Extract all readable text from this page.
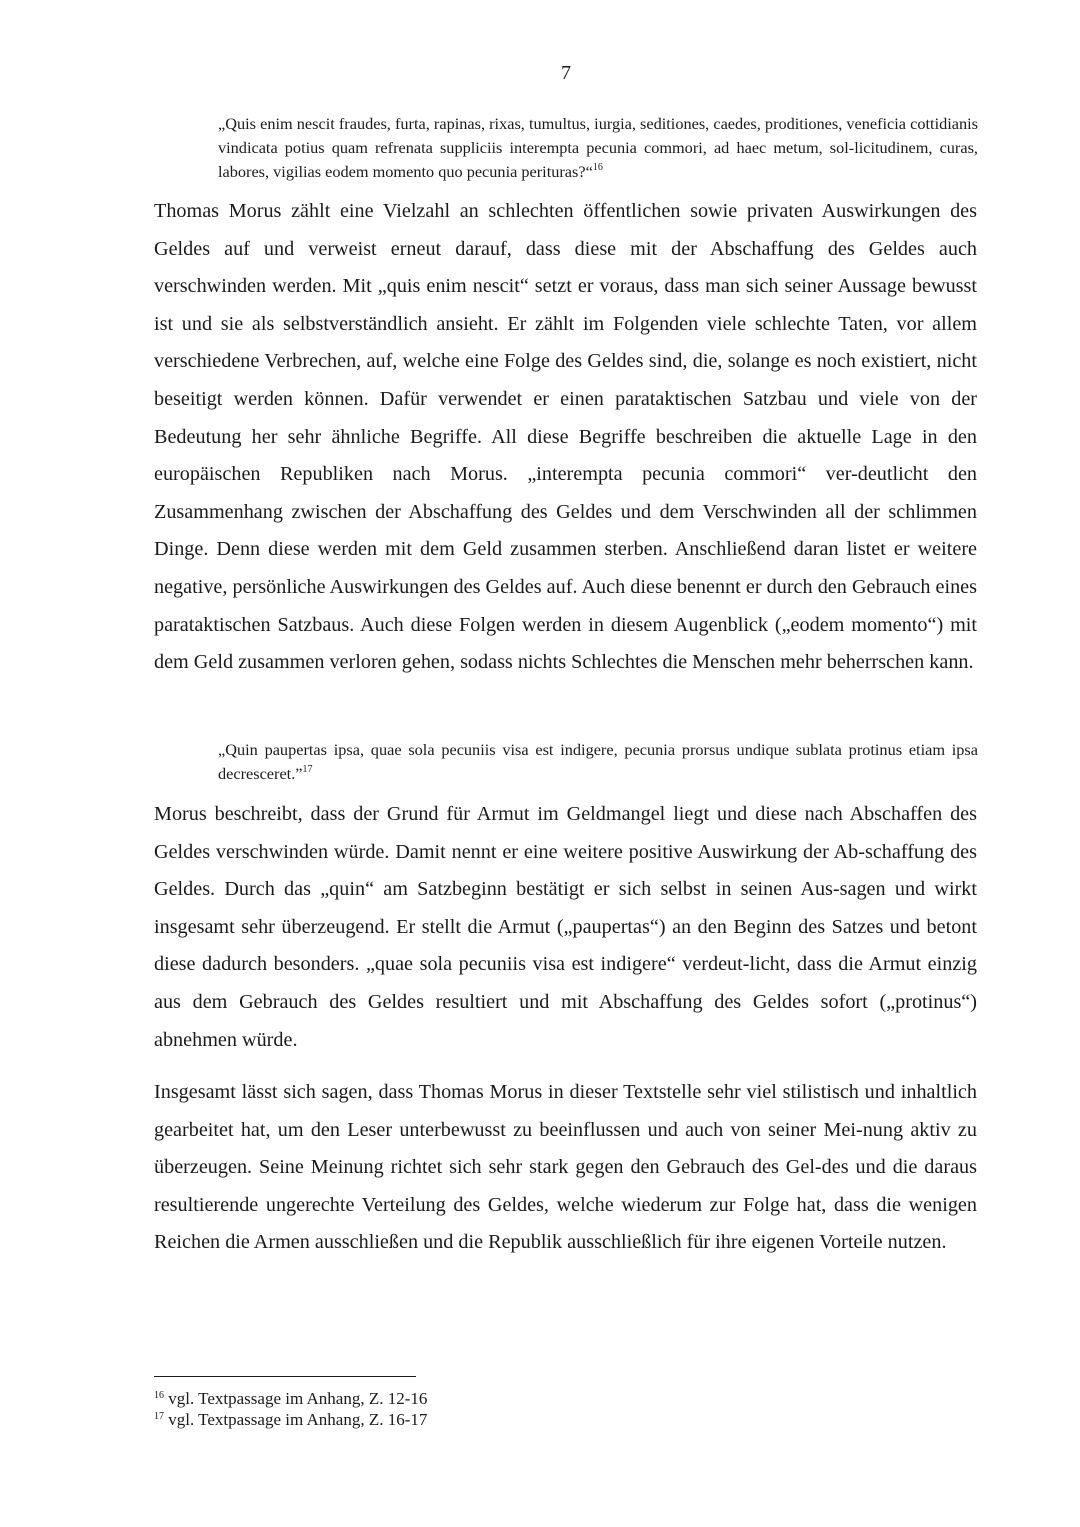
7
„Quis enim nescit fraudes, furta, rapinas, rixas, tumultus, iurgia, seditiones, caedes, proditiones, veneficia cottidianis vindicata potius quam refrenata suppliciis interempta pecunia commori, ad haec metum, sol-licitudinem, curas, labores, vigilias eodem momento quo pecunia perituras?“$^{16}$
Thomas Morus zählt eine Vielzahl an schlechten öffentlichen sowie privaten Auswirkungen des Geldes auf und verweist erneut darauf, dass diese mit der Abschaffung des Geldes auch verschwinden werden. Mit „quis enim nescit“ setzt er voraus, dass man sich seiner Aussage bewusst ist und sie als selbstverständlich ansieht. Er zählt im Folgenden viele schlechte Taten, vor allem verschiedene Verbrechen, auf, welche eine Folge des Geldes sind, die, solange es noch existiert, nicht beseitigt werden können. Dafür verwendet er einen parataktischen Satzbau und viele von der Bedeutung her sehr ähnliche Begriffe. All diese Begriffe beschreiben die aktuelle Lage in den europäischen Republiken nach Morus. „interempta pecunia commori“ ver-deutlicht den Zusammenhang zwischen der Abschaffung des Geldes und dem Verschwinden all der schlimmen Dinge. Denn diese werden mit dem Geld zusammen sterben. Anschließend daran listet er weitere negative, persönliche Auswirkungen des Geldes auf. Auch diese benennt er durch den Gebrauch eines parataktischen Satzbaus. Auch diese Folgen werden in diesem Augenblick („eodem momento“) mit dem Geld zusammen verloren gehen, sodass nichts Schlechtes die Menschen mehr beherrschen kann.
„Quin paupertas ipsa, quae sola pecuniis visa est indigere, pecunia prorsus undique sublata protinus etiam ipsa decresceret.”$^{17}$
Morus beschreibt, dass der Grund für Armut im Geldmangel liegt und diese nach Abschaffen des Geldes verschwinden würde. Damit nennt er eine weitere positive Auswirkung der Ab-schaffung des Geldes. Durch das „quin“ am Satzbeginn bestätigt er sich selbst in seinen Aus-sagen und wirkt insgesamt sehr überzeugend. Er stellt die Armut („paupertas“) an den Beginn des Satzes und betont diese dadurch besonders. „quae sola pecuniis visa est indigere“ verdeut-licht, dass die Armut einzig aus dem Gebrauch des Geldes resultiert und mit Abschaffung des Geldes sofort („protinus“) abnehmen würde.
Insgesamt lässt sich sagen, dass Thomas Morus in dieser Textstelle sehr viel stilistisch und inhaltlich gearbeitet hat, um den Leser unterbewusst zu beeinflussen und auch von seiner Mei-nung aktiv zu überzeugen. Seine Meinung richtet sich sehr stark gegen den Gebrauch des Gel-des und die daraus resultierende ungerechte Verteilung des Geldes, welche wiederum zur Folge hat, dass die wenigen Reichen die Armen ausschließen und die Republik ausschließlich für ihre eigenen Vorteile nutzen.
$^{16}$ vgl. Textpassage im Anhang, Z. 12-16
$^{17}$ vgl. Textpassage im Anhang, Z. 16-17
